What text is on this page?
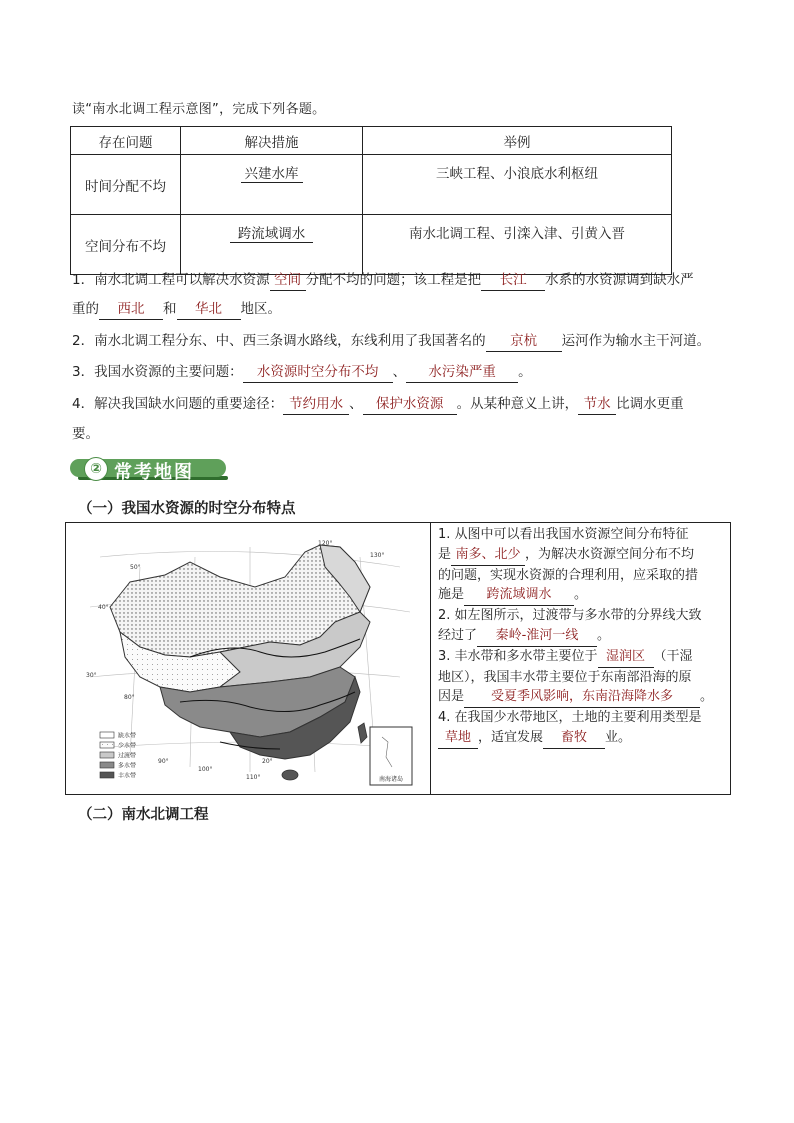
读“南水北调工程示意图”，完成下列各题。
存在问题	解决措施	举例
时间分配不均	兴建水库	三峡工程、小浪底水利枢纽
空间分布不均	跨流域调水	南水北调工程、引滦入津、引黄入晋
1．南水北调工程可以解决水资源 空间 分配不均的问题；该工程是把 长江 水系的水资源调到缺水严
重的 西北 和 华北 地区。
2．南水北调工程分东、中、西三条调水路线，东线利用了我国著名的 京杭 运河作为输水主干河道。
3．我国水资源的主要问题： 水资源时空分布不均 、 水污染严重 。
4．解决我国缺水问题的重要途径： 节约用水 、 保护水资源 。从某种意义上讲， 节水 比调水更重
要。
② 常考地图
（一）我国水资源的时空分布特点
南海诸岛
缺水带
少水带
过渡带
多水带
丰水带
80°
90°
100°
110°
120°
130°
50°
40°
30°
20°

1. 从图中可以看出我国水资源空间分布特征

是 南多、北少 ，为解决水资源空间分布不均

的问题，实现水资源的合理利用，应采取的措

施是 跨流域调水 。

2. 如左图所示，过渡带与多水带的分界线大致

经过了 秦岭-淮河一线 。

3. 丰水带和多水带主要位于 湿润区 （干湿

地区），我国丰水带主要位于东南部沿海的原

因是 受夏季风影响，东南沿海降水多 。

4. 在我国少水带地区，土地的主要利用类型是

草地 ，适宜发展 畜牧 业。

（二）南水北调工程
